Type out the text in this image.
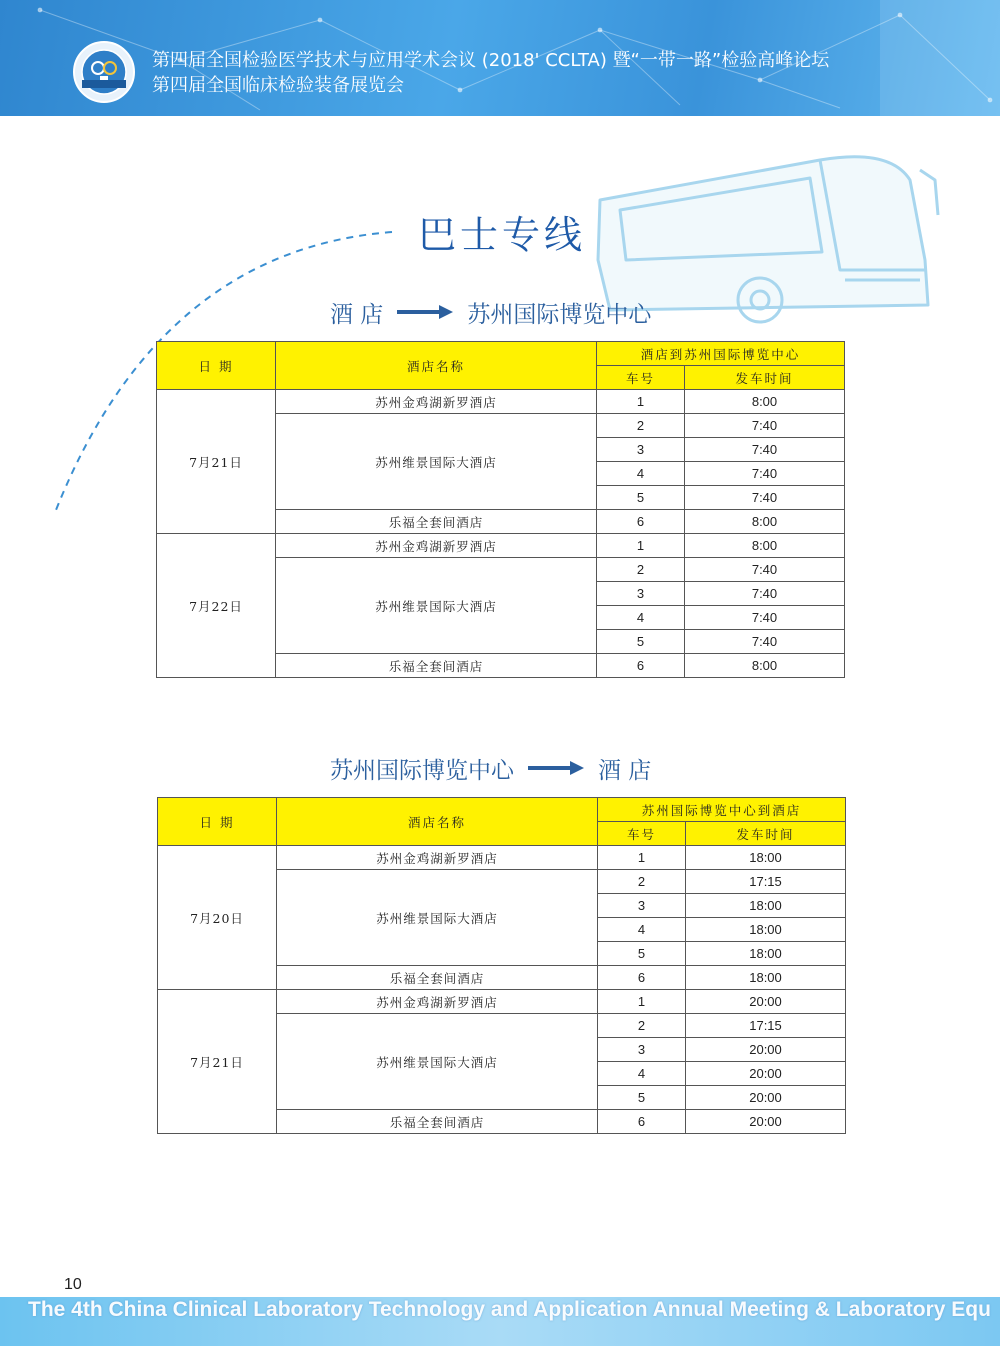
第四届全国检验医学技术与应用学术会议 (2018' CCLTA) 暨“一带一路”检验高峰论坛
第四届全国临床检验装备展览会
巴士专线
酒 店	苏州国际博览中心
日 期	酒店名称	酒店到苏州国际博览中心	
		车号	发车时间
7月21日	苏州金鸡湖新罗酒店	1	8:00
	苏州维景国际大酒店	2	7:40
		3	7:40
		4	7:40
		5	7:40
	乐福全套间酒店	6	8:00
7月22日	苏州金鸡湖新罗酒店	1	8:00
	苏州维景国际大酒店	2	7:40
		3	7:40
		4	7:40
		5	7:40
	乐福全套间酒店	6	8:00
苏州国际博览中心	酒 店
日 期	酒店名称	苏州国际博览中心到酒店	
		车号	发车时间
7月20日	苏州金鸡湖新罗酒店	1	18:00
	苏州维景国际大酒店	2	17:15
		3	18:00
		4	18:00
		5	18:00
	乐福全套间酒店	6	18:00
7月21日	苏州金鸡湖新罗酒店	1	20:00
	苏州维景国际大酒店	2	17:15
		3	20:00
		4	20:00
		5	20:00
	乐福全套间酒店	6	20:00
10
The 4th China Clinical Laboratory Technology and Application Annual Meeting & Laboratory Equ
